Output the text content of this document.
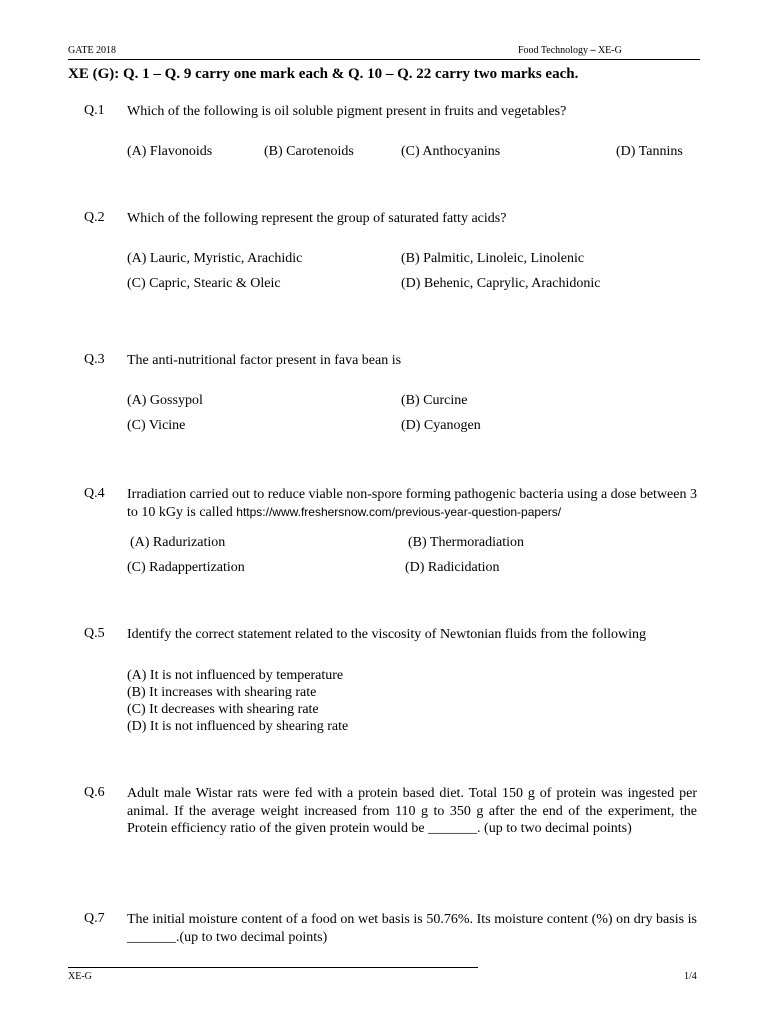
GATE 2018	Food Technology – XE-G
XE (G): Q. 1 – Q. 9 carry one mark each & Q. 10 – Q. 22 carry two marks each.
Q.1 Which of the following is oil soluble pigment present in fruits and vegetables?
(A) Flavonoids	(B) Carotenoids	(C) Anthocyanins	(D) Tannins
Q.2 Which of the following represent the group of saturated fatty acids?
(A) Lauric, Myristic, Arachidic	(B) Palmitic, Linoleic, Linolenic
(C) Capric, Stearic & Oleic	(D) Behenic, Caprylic, Arachidonic
Q.3 The anti-nutritional factor present in fava bean is
(A) Gossypol	(B) Curcine
(C) Vicine	(D) Cyanogen
Q.4 Irradiation carried out to reduce viable non-spore forming pathogenic bacteria using a dose between 3 to 10 kGy is called https://www.freshersnow.com/previous-year-question-papers/
(A) Radurization	(B) Thermoradiation
(C) Radappertization	(D) Radicidation
Q.5 Identify the correct statement related to the viscosity of Newtonian fluids from the following
(A) It is not influenced by temperature
(B) It increases with shearing rate
(C) It decreases with shearing rate
(D) It is not influenced by shearing rate
Q.6 Adult male Wistar rats were fed with a protein based diet. Total 150 g of protein was ingested per animal. If the average weight increased from 110 g to 350 g after the end of the experiment, the Protein efficiency ratio of the given protein would be _______. (up to two decimal points)
Q.7 The initial moisture content of a food on wet basis is 50.76%. Its moisture content (%) on dry basis is _______.(up to two decimal points)
XE-G	1/4
